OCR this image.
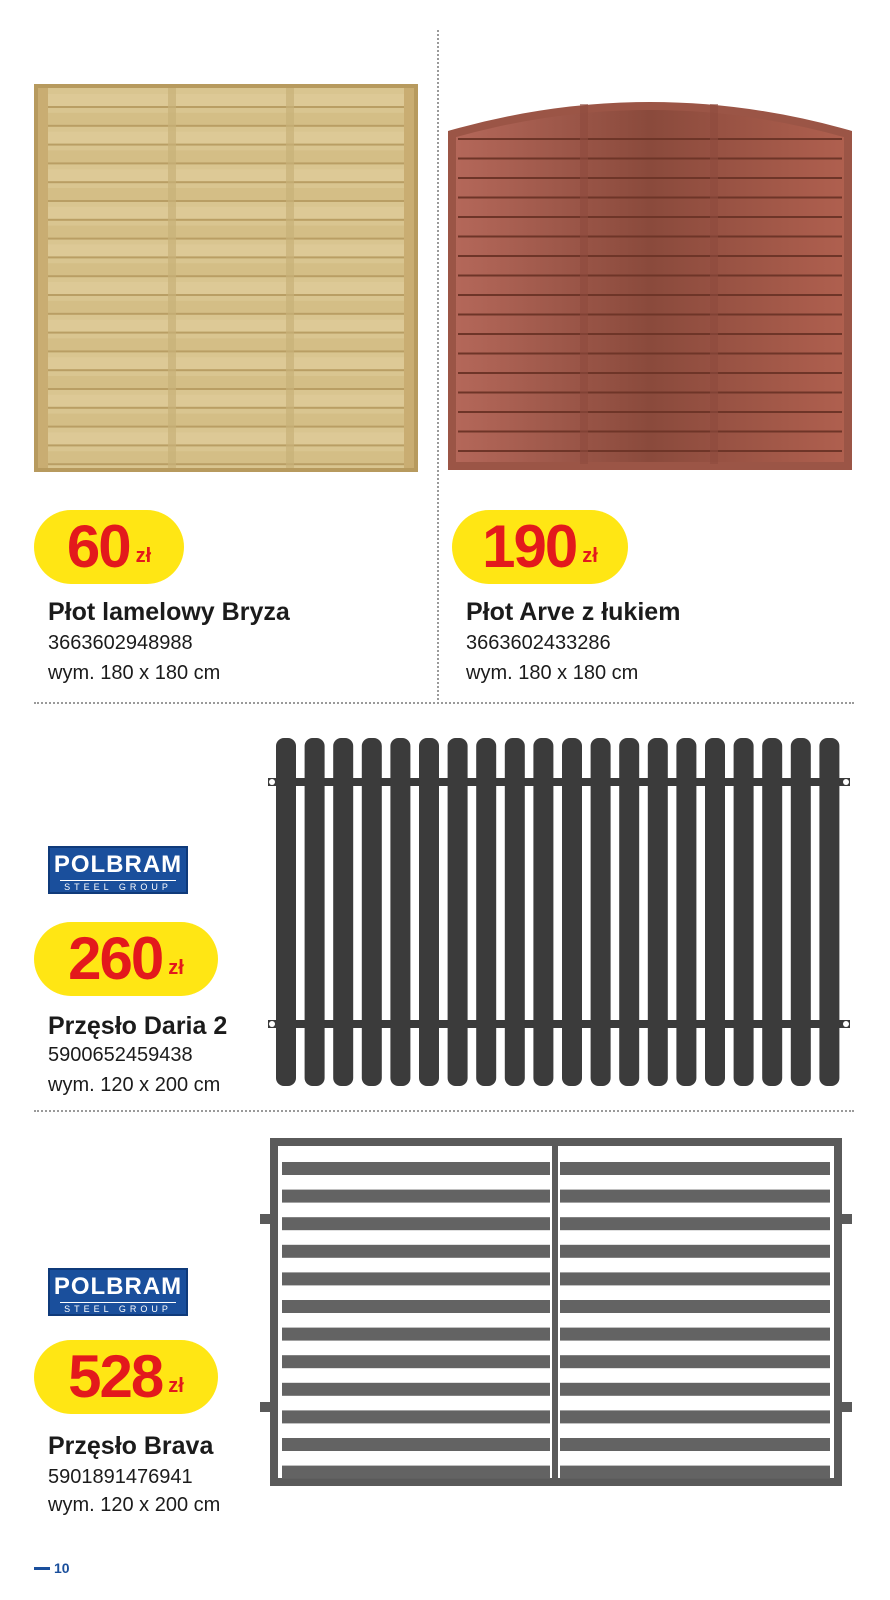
60 zł
Płot lamelowy Bryza
3663602948988
wym. 180 x 180 cm
190 zł
Płot Arve z łukiem
3663602433286
wym. 180 x 180 cm
POLBRAM
STEEL GROUP
260 zł
Przęsło Daria 2
5900652459438
wym. 120 x 200 cm
POLBRAM
STEEL GROUP
528 zł
Przęsło Brava
5901891476941
wym. 120 x 200 cm
10
